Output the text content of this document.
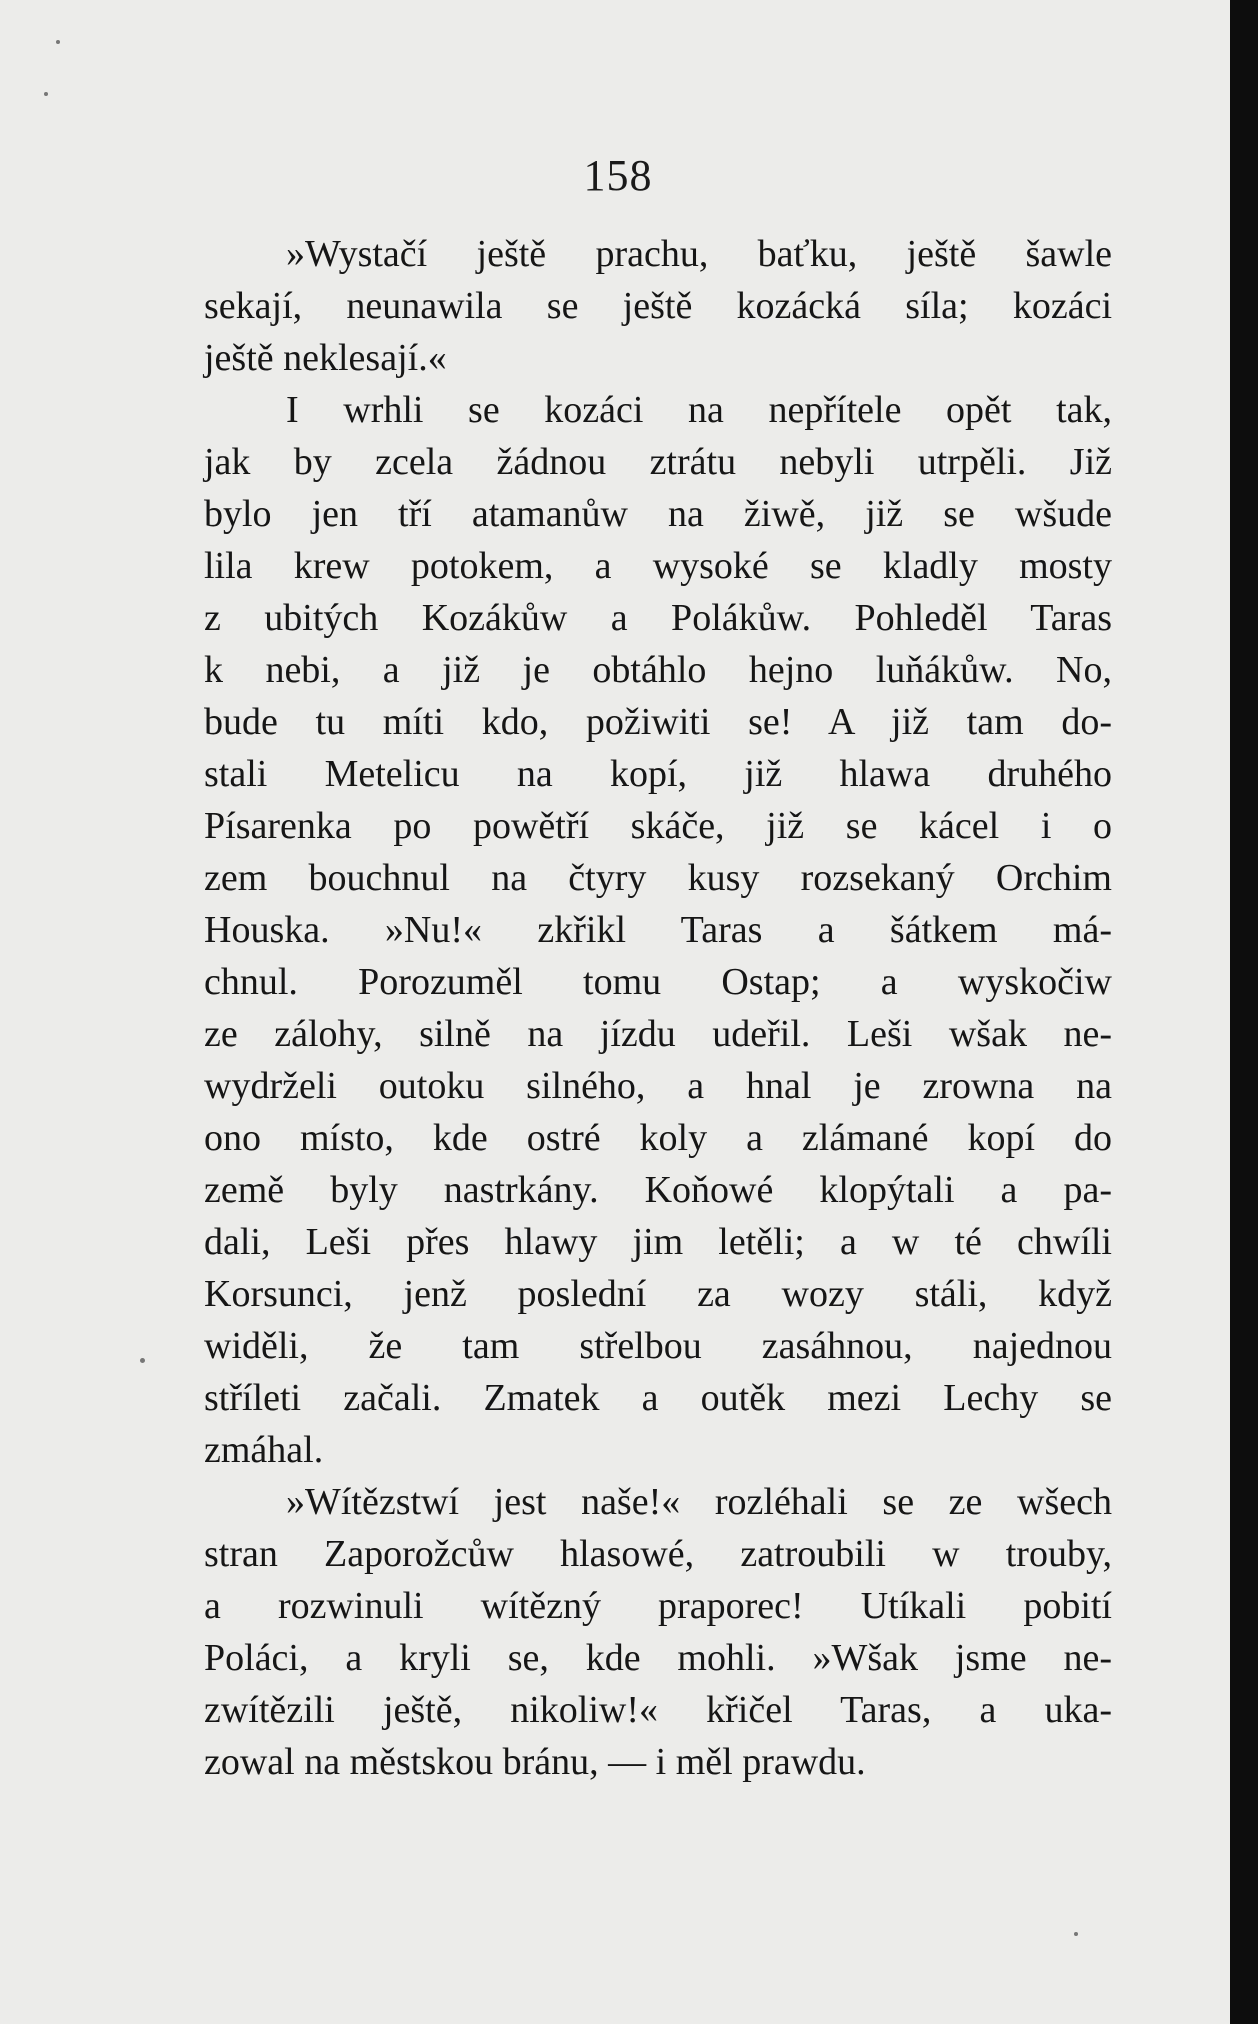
158
»Wystačí ještě prachu, baťku, ještě šawle
sekají, neunawila se ještě kozácká síla; kozáci
ještě neklesají.«
I wrhli se kozáci na nepřítele opět tak,
jak by zcela žádnou ztrátu nebyli utrpěli. Již
bylo jen tří atamanůw na žiwě, již se wšude
lila krew potokem, a wysoké se kladly mosty
z ubitých Kozákůw a Polákůw. Pohleděl Taras
k nebi, a již je obtáhlo hejno luňákůw. No,
bude tu míti kdo, požiwiti se! A již tam do-
stali Metelicu na kopí, již hlawa druhého
Písarenka po powětří skáče, již se kácel i o
zem bouchnul na čtyry kusy rozsekaný Orchim
Houska. »Nu!« zkřikl Taras a šátkem má-
chnul. Porozuměl tomu Ostap; a wyskočiw
ze zálohy, silně na jízdu udeřil. Leši wšak ne-
wydrželi outoku silného, a hnal je zrowna na
ono místo, kde ostré koly a zlámané kopí do
země byly nastrkány. Koňowé klopýtali a pa-
dali, Leši přes hlawy jim letěli; a w té chwíli
Korsunci, jenž poslední za wozy stáli, když
widěli, že tam střelbou zasáhnou, najednou
stříleti začali. Zmatek a outěk mezi Lechy se
zmáhal.
»Wítězstwí jest naše!« rozléhali se ze wšech
stran Zaporožcůw hlasowé, zatroubili w trouby,
a rozwinuli wítězný praporec! Utíkali pobití
Poláci, a kryli se, kde mohli. »Wšak jsme ne-
zwítězili ještě, nikoliw!« křičel Taras, a uka-
zowal na městskou bránu, — i měl prawdu.
